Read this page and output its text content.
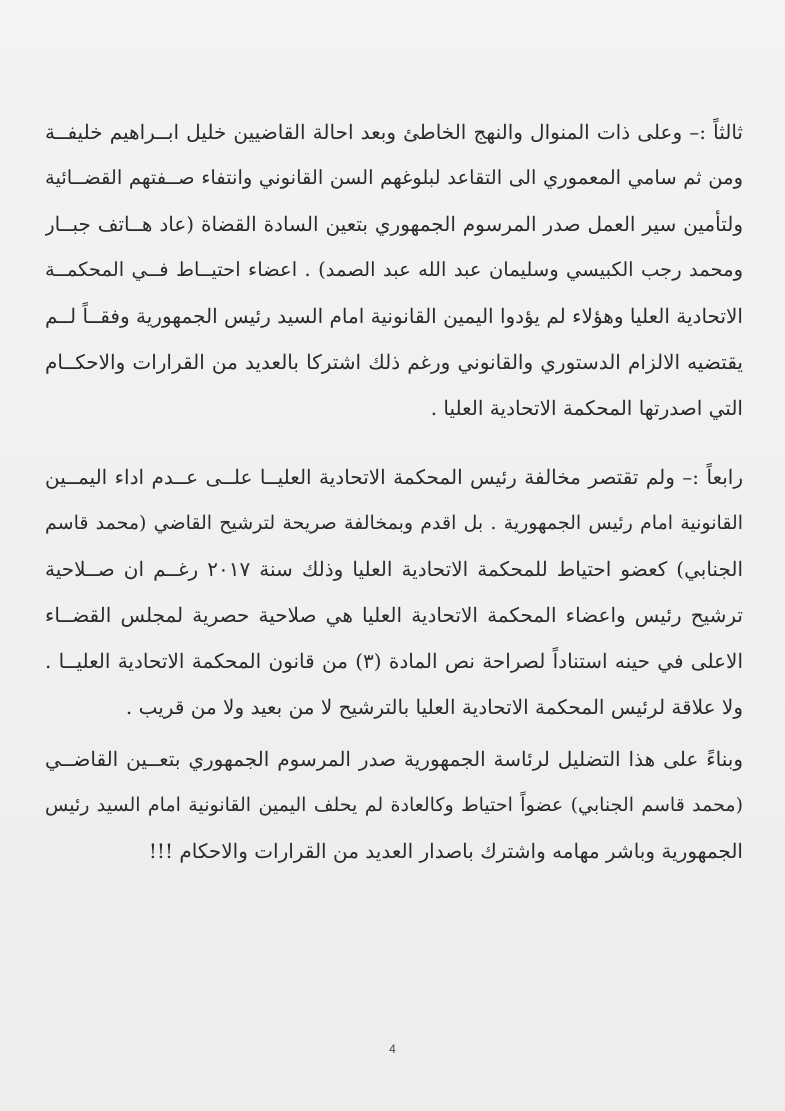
ثالثاً :– وعلى ذات المنوال والنهج الخاطئ وبعد احالة القاضيين خليل ابــراهيم خليفــة
ومن ثم سامي المعموري الى التقاعد لبلوغهم السن القانوني وانتفاء صــفتهم القضــائية
ولتأمين سير العمل صدر المرسوم الجمهوري بتعين السادة القضاة (عاد هــاتف جبــار
ومحمد رجب الكبيسي وسليمان عبد الله عبد الصمد) . اعضاء احتيــاط فــي المحكمــة
الاتحادية العليا وهؤلاء لم يؤدوا اليمين القانونية امام السيد رئيس الجمهورية وفقــاً لــم
يقتضيه الالزام الدستوري والقانوني ورغم ذلك اشتركا بالعديد من القرارات والاحكــام
التي اصدرتها المحكمة الاتحادية العليا .
رابعاً :– ولم تقتصر مخالفة رئيس المحكمة الاتحادية العليــا علــى عــدم اداء اليمــين
القانونية امام رئيس الجمهورية . بل اقدم وبمخالفة صريحة لترشيح القاضي (محمد قاسم
الجنابي) كعضو احتياط للمحكمة الاتحادية العليا وذلك سنة ٢٠١٧ رغــم ان صــلاحية
ترشيح رئيس واعضاء المحكمة الاتحادية العليا هي صلاحية حصرية لمجلس القضــاء
الاعلى في حينه استناداً لصراحة نص المادة (٣) من قانون المحكمة الاتحادية العليــا .
ولا علاقة لرئيس المحكمة الاتحادية العليا بالترشيح لا من بعيد ولا من قريب .
وبناءً على هذا التضليل لرئاسة الجمهورية صدر المرسوم الجمهوري بتعــين القاضــي
(محمد قاسم الجنابي) عضواً احتياط وكالعادة لم يحلف اليمين القانونية امام السيد رئيس
الجمهورية وباشر مهامه واشترك باصدار العديد من القرارات والاحكام !!!
4
